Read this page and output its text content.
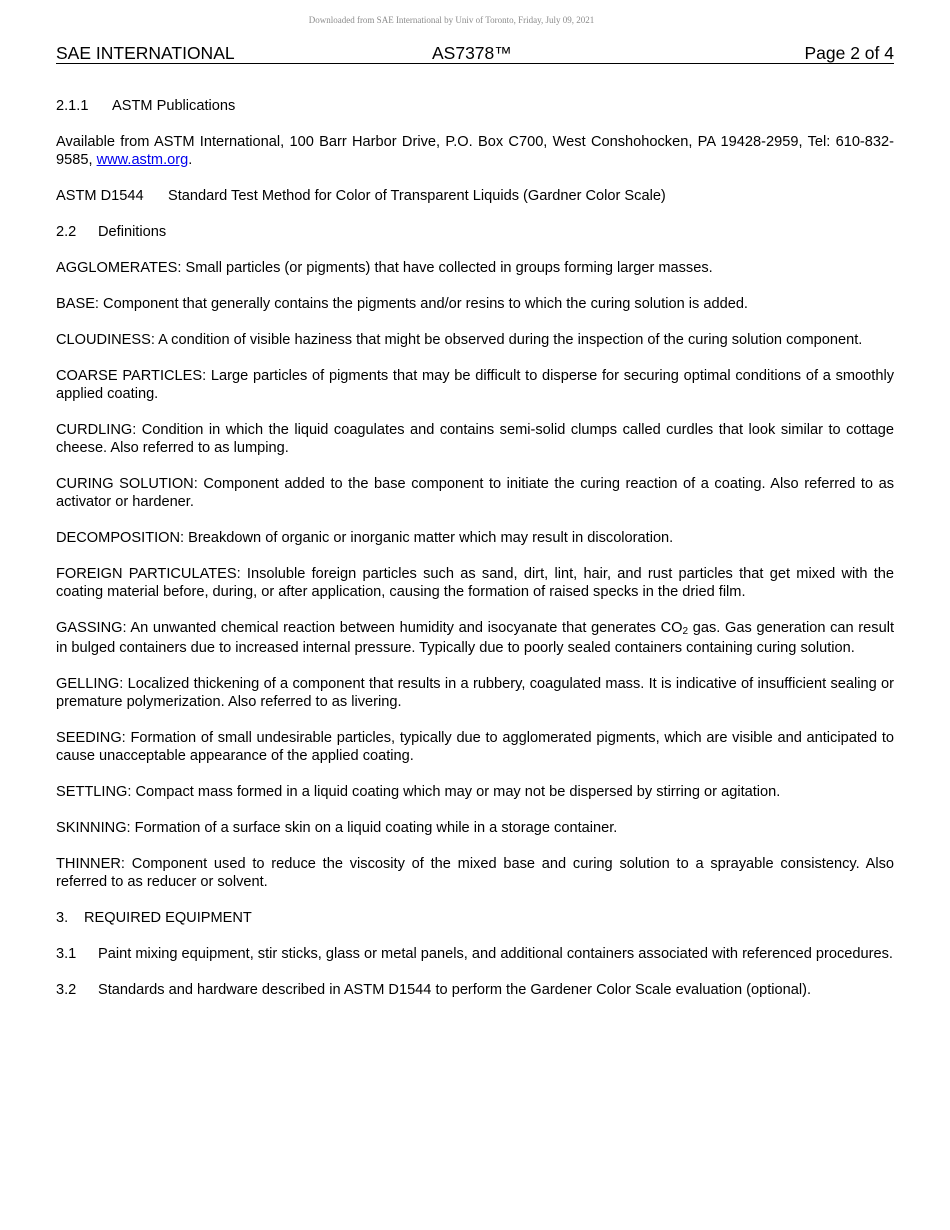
Downloaded from SAE International by Univ of Toronto, Friday, July 09, 2021
SAE INTERNATIONAL	AS7378™	Page 2 of 4

2.1.1 ASTM Publications

Available from ASTM International, 100 Barr Harbor Drive, P.O. Box C700, West Conshohocken, PA 19428-2959, Tel: 610-832-9585, www.astm.org.

ASTM D1544 Standard Test Method for Color of Transparent Liquids (Gardner Color Scale)

2.2 Definitions

AGGLOMERATES: Small particles (or pigments) that have collected in groups forming larger masses.

BASE: Component that generally contains the pigments and/or resins to which the curing solution is added.

CLOUDINESS: A condition of visible haziness that might be observed during the inspection of the curing solution component.

COARSE PARTICLES: Large particles of pigments that may be difficult to disperse for securing optimal conditions of a smoothly applied coating.

CURDLING: Condition in which the liquid coagulates and contains semi-solid clumps called curdles that look similar to cottage cheese. Also referred to as lumping.

CURING SOLUTION: Component added to the base component to initiate the curing reaction of a coating. Also referred to as activator or hardener.

DECOMPOSITION: Breakdown of organic or inorganic matter which may result in discoloration.

FOREIGN PARTICULATES: Insoluble foreign particles such as sand, dirt, lint, hair, and rust particles that get mixed with the coating material before, during, or after application, causing the formation of raised specks in the dried film.

GASSING: An unwanted chemical reaction between humidity and isocyanate that generates $CO_2$ gas. Gas generation can result in bulged containers due to increased internal pressure. Typically due to poorly sealed containers containing curing solution.

GELLING: Localized thickening of a component that results in a rubbery, coagulated mass. It is indicative of insufficient sealing or premature polymerization. Also referred to as livering.

SEEDING: Formation of small undesirable particles, typically due to agglomerated pigments, which are visible and anticipated to cause unacceptable appearance of the applied coating.

SETTLING: Compact mass formed in a liquid coating which may or may not be dispersed by stirring or agitation.

SKINNING: Formation of a surface skin on a liquid coating while in a storage container.

THINNER: Component used to reduce the viscosity of the mixed base and curing solution to a sprayable consistency. Also referred to as reducer or solvent.

3. REQUIRED EQUIPMENT

3.1	Paint mixing equipment, stir sticks, glass or metal panels, and additional containers associated with referenced procedures.
3.2	Standards and hardware described in ASTM D1544 to perform the Gardener Color Scale evaluation (optional).
